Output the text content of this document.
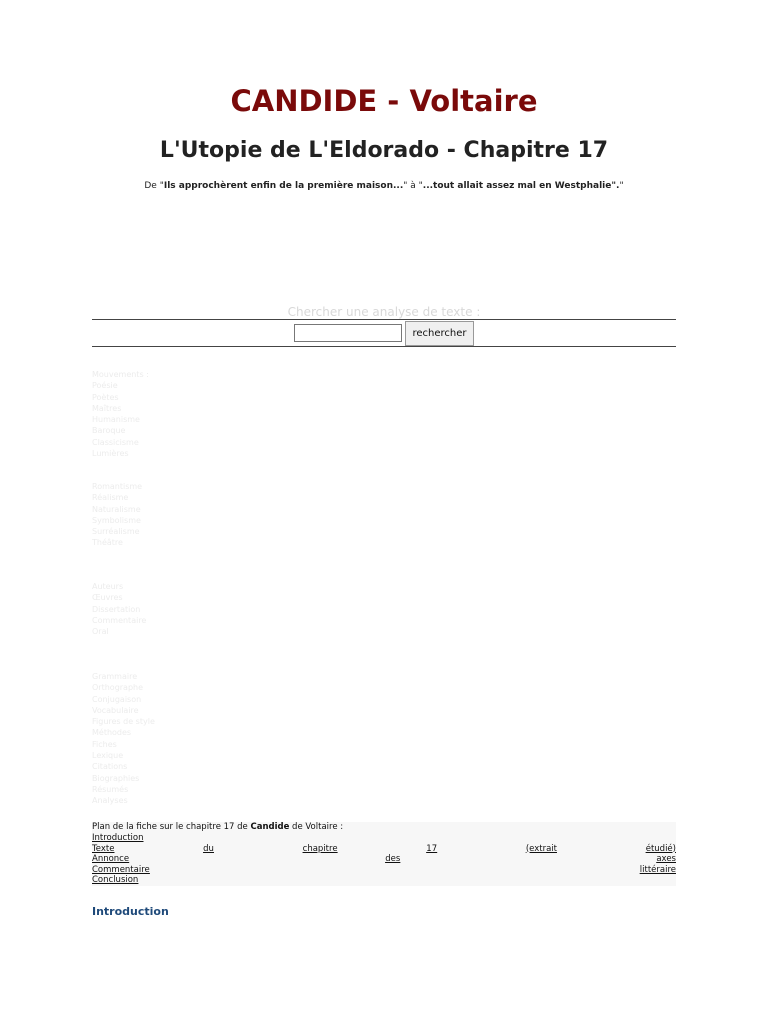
CANDIDE - Voltaire
L'Utopie de L'Eldorado - Chapitre 17
De "Ils approchèrent enfin de la première maison..." à "...tout allait assez mal en Westphalie"."
Chercher une analyse de texte :
rechercher
Mouvements :
Poésie
Poètes
Maîtres
Humanisme
Baroque
Classicisme
Lumières
Romantisme
Réalisme
Naturalisme
Symbolisme
Surréalisme
Théâtre
Auteurs
Œuvres
Dissertation
Commentaire
Oral
Grammaire
Orthographe
Conjugaison
Vocabulaire
Figures de style
Méthodes
Fiches
Lexique
Citations
Biographies
Résumés
Analyses
Plan de la fiche sur le chapitre 17 de Candide de Voltaire :
Introduction
Texte	du	chapitre	17	(extrait	étudié)
Annonce	des	axes
Commentaire	littéraire
Conclusion
Introduction
